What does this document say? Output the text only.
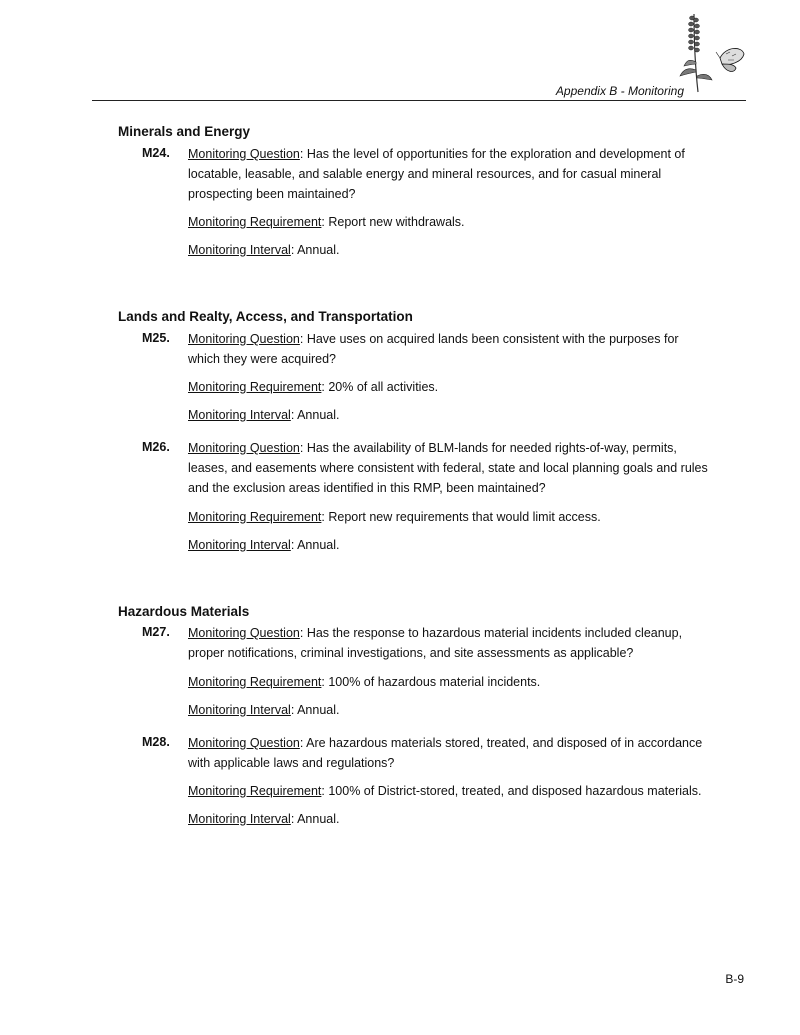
Appendix B - Monitoring
Minerals and Energy
M24. Monitoring Question: Has the level of opportunities for the exploration and development of
locatable, leasable, and salable energy and mineral resources, and for casual mineral
prospecting been maintained?
Monitoring Requirement: Report new withdrawals.
Monitoring Interval: Annual.
Lands and Realty, Access, and Transportation
M25. Monitoring Question: Have uses on acquired lands been consistent with the purposes for
which they were acquired?
Monitoring Requirement: 20% of all activities.
Monitoring Interval: Annual.
M26. Monitoring Question: Has the availability of BLM-lands for needed rights-of-way, permits,
leases, and easements where consistent with federal, state and local planning goals and rules
and the exclusion areas identified in this RMP, been maintained?
Monitoring Requirement: Report new requirements that would limit access.
Monitoring Interval: Annual.
Hazardous Materials
M27. Monitoring Question: Has the response to hazardous material incidents included cleanup,
proper notifications, criminal investigations, and site assessments as applicable?
Monitoring Requirement: 100% of hazardous material incidents.
Monitoring Interval: Annual.
M28. Monitoring Question: Are hazardous materials stored, treated, and disposed of in accordance
with applicable laws and regulations?
Monitoring Requirement: 100% of District-stored, treated, and disposed hazardous materials.
Monitoring Interval: Annual.
B-9
